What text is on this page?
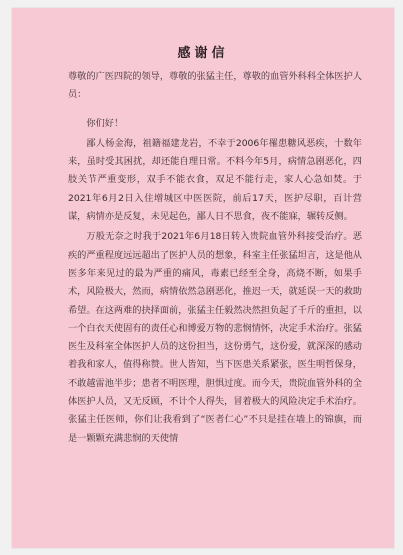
感谢信

尊敬的广医四院的领导，尊敬的张猛主任，尊敬的血管外科科全体医护人员：

你们好！

鄙人杨金海，祖籍福建龙岩，不幸于2006年罹患糖风恶疾，十数年来，虽时受其困扰，却还能自理日常。不料今年5月，病情急剧恶化，四肢关节严重变形，双手不能衣食，双足不能行走，家人心急如焚。于2021年6月2日入住增城区中医医院，前后17天，医护尽职，百计营谋，病情亦是反复，未见起色，鄙人日不思食，夜不能寐，辗转反侧。

万般无奈之时我于2021年6月18日转入贵院血管外科接受治疗。恶疾的严重程度远远超出了医护人员的想象，科室主任张猛坦言，这是他从医多年来见过的最为严重的痛风，毒素已经至全身，高烧不断，如果手术，风险极大，然而，病情依然急剧恶化，推迟一天，就延误一天的救助希望。在这两难的抉择面前，张猛主任毅然决然担负起了千斤的重担，以一个白衣天使固有的责任心和博爱万物的悲悯情怀，决定手术治疗。张猛医生及科室全体医护人员的这份担当，这份勇气，这份爱，就深深的感动着我和家人，值得称赞。世人皆知，当下医患关系紧张，医生明哲保身，不敢越雷池半步；患者不明医理，胆惧过度。而今天，贵院血管外科的全体医护人员，又无反顾，不计个人得失，冒着极大的风险决定手术治疗。张猛主任医师，你们让我看到了“医者仁心”不只是挂在墙上的锦旗，而是一颗颗充满悲悯的天使情
